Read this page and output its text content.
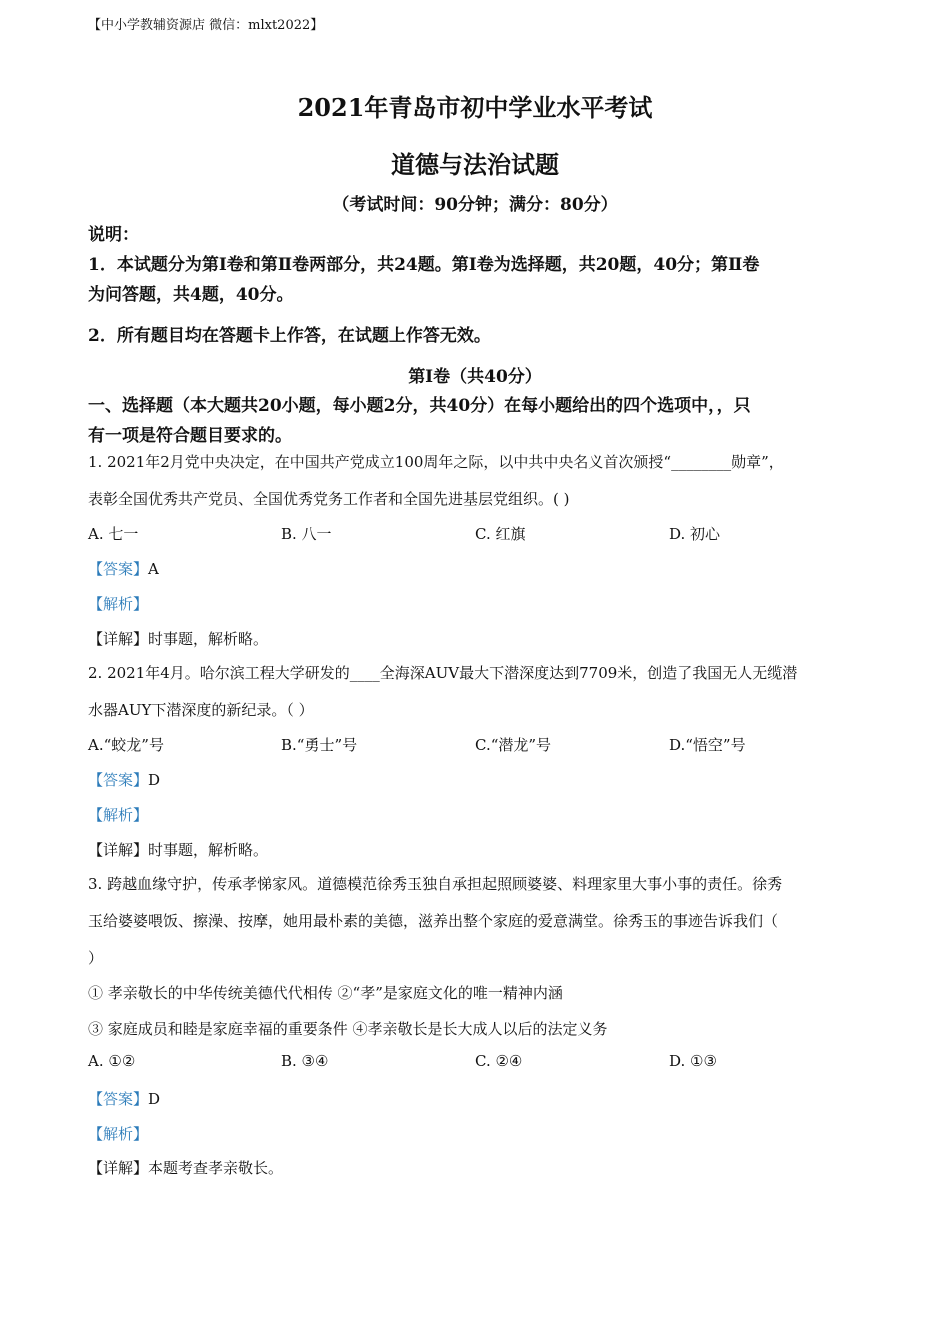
【中小学教辅资源店 微信：mlxt2022】
2021年青岛市初中学业水平考试
道德与法治试题
（考试时间：90分钟；满分：80分）
说明：
1．本试题分为第Ⅰ卷和第Ⅱ卷两部分，共24题。第Ⅰ卷为选择题，共20题，40分；第Ⅱ卷
为问答题，共4题，40分。
2．所有题目均在答题卡上作答，在试题上作答无效。
第I卷（共40分）
一、选择题（本大题共20小题，每小题2分，共40分）在每小题给出的四个选项中，，只
有一项是符合题目要求的。
1. 2021年2月党中央决定，在中国共产党成立100周年之际，以中共中央名义首次颁授“________勋章”，
表彰全国优秀共产党员、全国优秀党务工作者和全国先进基层党组织。( )
A. 七一	B. 八一	C. 红旗	D. 初心
【答案】A
【解析】
【详解】时事题，解析略。
2. 2021年4月。哈尔滨工程大学研发的____全海深AUV最大下潜深度达到7709米，创造了我国无人无缆潜
水器AUY下潜深度的新纪录。（ ）
A.“蛟龙”号	B.“勇士”号	C.“潜龙”号	D.“悟空”号
【答案】D
【解析】
【详解】时事题，解析略。
3. 跨越血缘守护，传承孝悌家风。道德模范徐秀玉独自承担起照顾婆婆、料理家里大事小事的责任。徐秀
玉给婆婆喂饭、擦澡、按摩，她用最朴素的美德，滋养出整个家庭的爱意满堂。徐秀玉的事迹告诉我们（
）
① 孝亲敬长的中华传统美德代代相传 ②“孝”是家庭文化的唯一精神内涵
③ 家庭成员和睦是家庭幸福的重要条件 ④孝亲敬长是长大成人以后的法定义务
A. ①②	B. ③④	C. ②④	D. ①③
【答案】D
【解析】
【详解】本题考查孝亲敬长。
